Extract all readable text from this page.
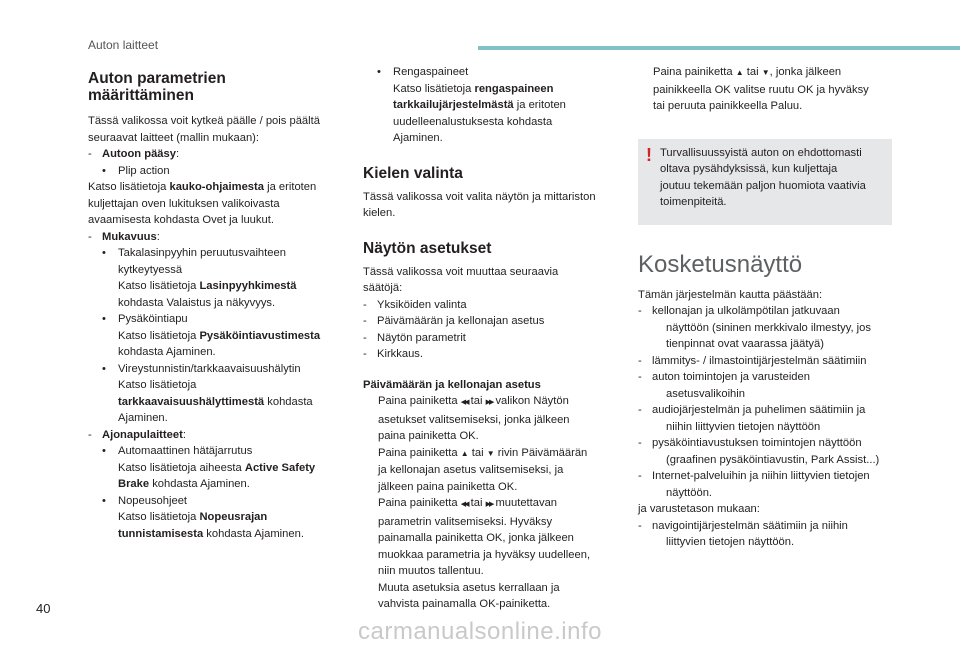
Auton laitteet
Auton parametrien
määrittäminen

Tässä valikossa voit kytkeä päälle / pois päältä

seuraavat laitteet (mallin mukaan):

- Autoon pääsy:
•	Plip action

Katso lisätietoja kauko-ohjaimesta ja eritoten

kuljettajan oven lukituksen valikoivasta

avaamisesta kohdasta Ovet ja luukut.

- Mukavuus:
•	Takalasinpyyhin peruutusvaihteen

kytkeytyessä

Katso lisätietoja Lasinpyyhkimestä

kohdasta Valaistus ja näkyvyys.

•	Pysäköintiapu

Katso lisätietoja Pysäköintiavustimesta

kohdasta Ajaminen.

•	Vireystunnistin/tarkkaavaisuushälytin

Katso lisätietoja

tarkkaavaisuushälyttimestä kohdasta

Ajaminen.

- Ajonapulaitteet:
•	Automaattinen hätäjarrutus

Katso lisätietoja aiheesta Active Safety

Brake kohdasta Ajaminen.

•	Nopeusohjeet

Katso lisätietoja Nopeusrajan

tunnistamisesta kohdasta Ajaminen.

•	Rengaspaineet

Katso lisätietoja rengaspaineen

tarkkailujärjestelmästä ja eritoten

uudelleenalustuksesta kohdasta

Ajaminen.

Kielen valinta

Tässä valikossa voit valita näytön ja mittariston

kielen.

Näytön asetukset

Tässä valikossa voit muuttaa seuraavia

säätöjä:

- Yksiköiden valinta
- Päivämäärän ja kellonajan asetus
- Näytön parametrit
- Kirkkaus.
Päivämäärän ja kellonajan asetus

Paina painiketta ◀◀ tai ▶▶ valikon Näytön

asetukset valitsemiseksi, jonka jälkeen

paina painiketta OK.

Paina painiketta ▲ tai ▼ rivin Päivämäärän

ja kellonajan asetus valitsemiseksi, ja

jälkeen paina painiketta OK.

Paina painiketta ◀◀ tai ▶▶ muutettavan

parametrin valitsemiseksi. Hyväksy

painamalla painiketta OK, jonka jälkeen

muokkaa parametria ja hyväksy uudelleen,

niin muutos tallentuu.

Muuta asetuksia asetus kerrallaan ja

vahvista painamalla OK-painiketta.

Paina painiketta ▲ tai ▼, jonka jälkeen

painikkeella OK valitse ruutu OK ja hyväksy

tai peruuta painikkeella Paluu.

! Turvallisuussyistä auton on ehdottomasti

oltava pysähdyksissä, kun kuljettaja

joutuu tekemään paljon huomiota vaativia

toimenpiteitä.

Kosketusnäyttö

Tämän järjestelmän kautta päästään:

- kellonajan ja ulkolämpötilan jatkuvaan

näyttöön (sininen merkkivalo ilmestyy, jos

tienpinnat ovat vaarassa jäätyä)

- lämmitys- / ilmastointijärjestelmän säätimiin

- auton toimintojen ja varusteiden

asetusvalikoihin

- audiojärjestelmän ja puhelimen säätimiin ja

niihin liittyvien tietojen näyttöön

- pysäköintiavustuksen toimintojen näyttöön

(graafinen pysäköintiavustin, Park Assist...)

- Internet-palveluihin ja niihin liittyvien tietojen

näyttöön.

ja varustetason mukaan:

- navigointijärjestelmän säätimiin ja niihin

liittyvien tietojen näyttöön.

40
carmanualsonline.info
